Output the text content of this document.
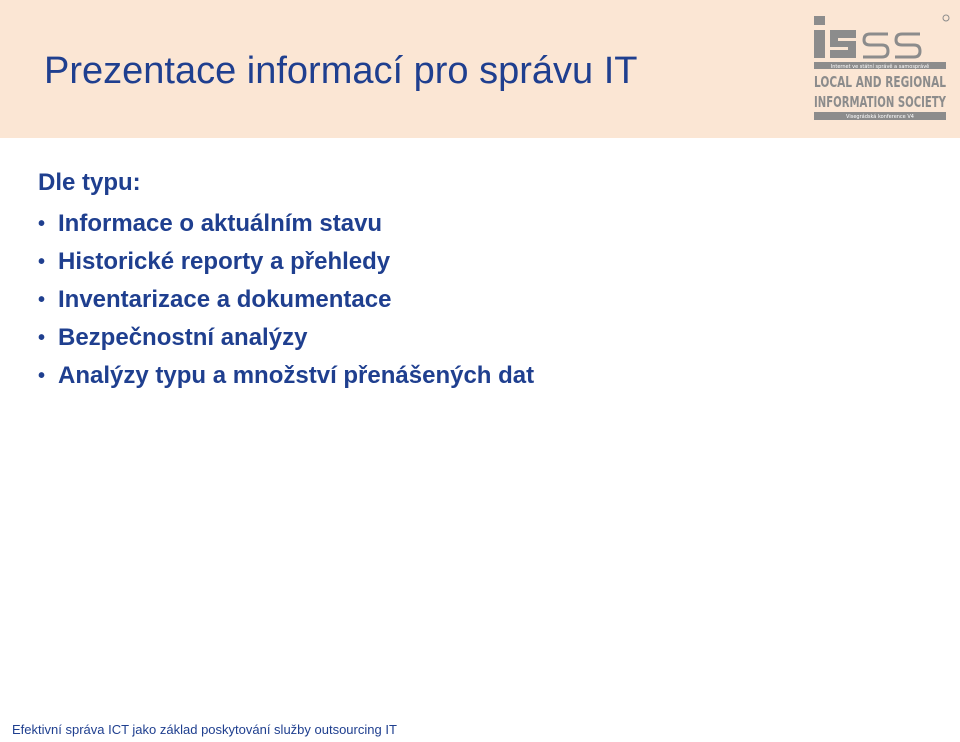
Prezentace informací pro správu IT	Internet ve státní správě a samosprávě
LOCAL AND REGIONAL
INFORMATION SOCIETY
Visegrádská konference V4
Dle typu:
• Informace o aktuálním stavu
• Historické reporty a přehledy
• Inventarizace a dokumentace
• Bezpečnostní analýzy
• Analýzy typu a množství přenášených dat
Efektivní správa ICT jako základ poskytování služby outsourcing IT
